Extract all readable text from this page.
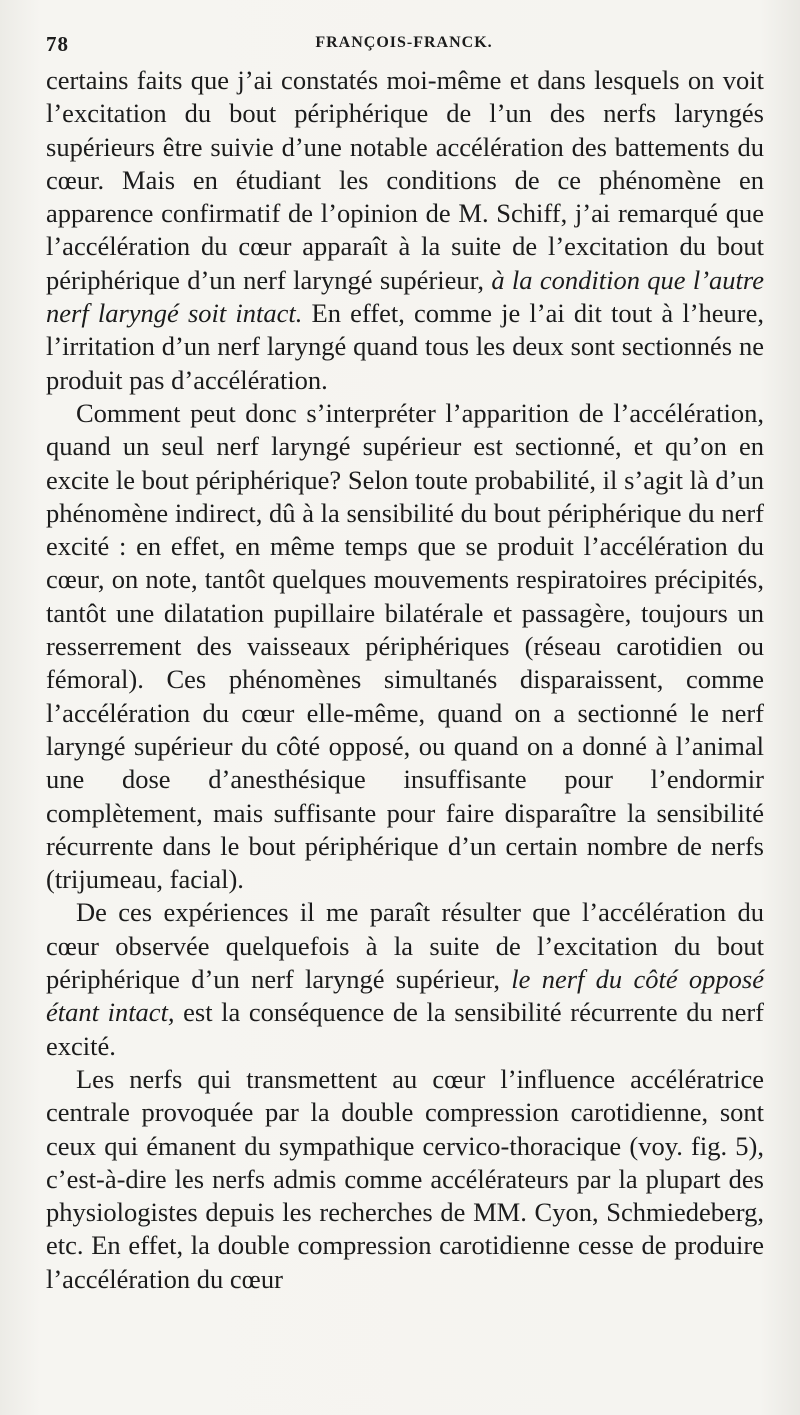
78	FRANÇOIS-FRANCK.

certains faits que j’ai constatés moi-même et dans lesquels on voit l’excitation du bout périphérique de l’un des nerfs laryngés supérieurs être suivie d’une notable accélération des battements du cœur. Mais en étudiant les conditions de ce phénomène en apparence confirmatif de l’opinion de M. Schiff, j’ai remarqué que l’accélération du cœur apparaît à la suite de l’excitation du bout périphérique d’un nerf laryngé supérieur, à la condition que l’autre nerf laryngé soit intact. En effet, comme je l’ai dit tout à l’heure, l’irritation d’un nerf laryngé quand tous les deux sont sectionnés ne produit pas d’accélération.

Comment peut donc s’interpréter l’apparition de l’accélération, quand un seul nerf laryngé supérieur est sectionné, et qu’on en excite le bout périphérique? Selon toute probabilité, il s’agit là d’un phénomène indirect, dû à la sensibilité du bout périphérique du nerf excité : en effet, en même temps que se produit l’accélération du cœur, on note, tantôt quelques mouvements respiratoires précipités, tantôt une dilatation pupillaire bilatérale et passagère, toujours un resserrement des vaisseaux périphériques (réseau carotidien ou fémoral). Ces phénomènes simultanés disparaissent, comme l’accélération du cœur elle-même, quand on a sectionné le nerf laryngé supérieur du côté opposé, ou quand on a donné à l’animal une dose d’anesthésique insuffisante pour l’endormir complètement, mais suffisante pour faire disparaître la sensibilité récurrente dans le bout périphérique d’un certain nombre de nerfs (trijumeau, facial).

De ces expériences il me paraît résulter que l’accélération du cœur observée quelquefois à la suite de l’excitation du bout périphérique d’un nerf laryngé supérieur, le nerf du côté opposé étant intact, est la conséquence de la sensibilité récurrente du nerf excité.

Les nerfs qui transmettent au cœur l’influence accélératrice centrale provoquée par la double compression carotidienne, sont ceux qui émanent du sympathique cervico-thoracique (voy. fig. 5), c’est-à-dire les nerfs admis comme accélérateurs par la plupart des physiologistes depuis les recherches de MM. Cyon, Schmiedeberg, etc. En effet, la double compression carotidienne cesse de produire l’accélération du cœur
